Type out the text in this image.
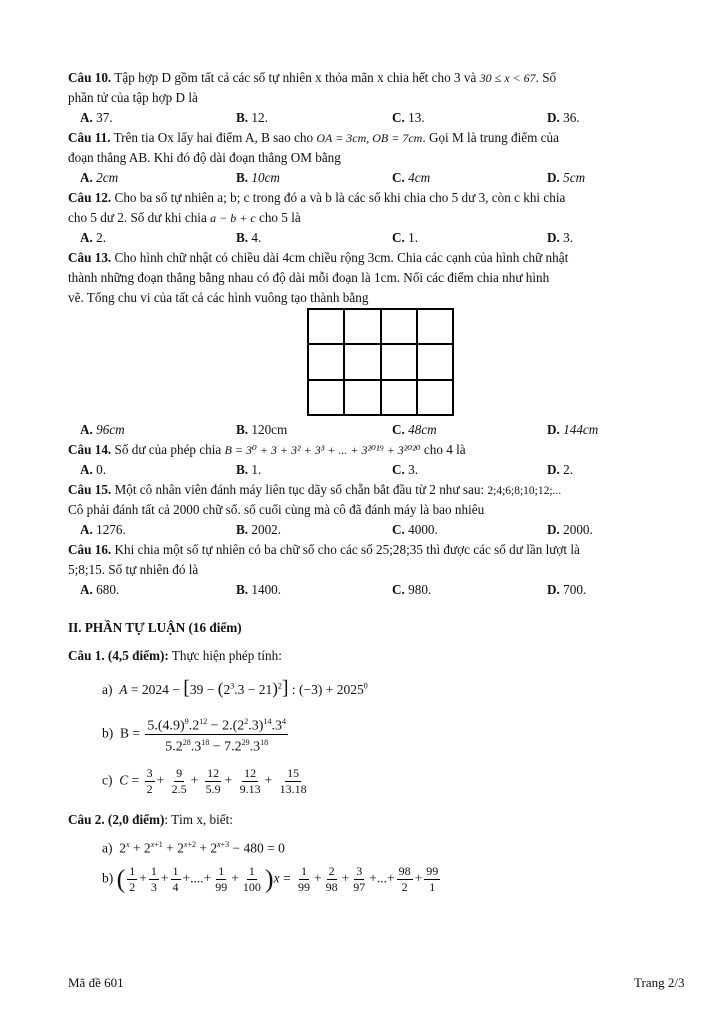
Câu 10. Tập hợp D gồm tất cả các số tự nhiên x thỏa mãn x chia hết cho 3 và 30 ≤ x < 67. Số
phần tử của tập hợp D là
A. 37.	B. 12.	C. 13.	D. 36.
Câu 11. Trên tia Ox lấy hai điểm A, B sao cho OA = 3cm, OB = 7cm. Gọi M là trung điểm của
đoạn thẳng AB. Khi đó độ dài đoạn thẳng OM bằng
A. 2cm	B. 10cm	C. 4cm	D. 5cm
Câu 12. Cho ba số tự nhiên a; b; c trong đó a và b là các số khi chia cho 5 dư 3, còn c khi chia
cho 5 dư 2. Số dư khi chia a − b + c cho 5 là
A. 2.	B. 4.	C. 1.	D. 3.
Câu 13. Cho hình chữ nhật có chiều dài 4cm chiều rộng 3cm. Chia các cạnh của hình chữ nhật
thành những đoạn thẳng bằng nhau có độ dài mỗi đoạn là 1cm. Nối các điểm chia như hình
vẽ. Tổng chu vi của tất cả các hình vuông tạo thành bằng
A. 96cm	B. 120cm	C. 48cm	D. 144cm
Câu 14. Số dư của phép chia B = 3⁰ + 3 + 3² + 3³ + ... + 3²⁰¹⁹ + 3²⁰²⁰ cho 4 là
A. 0.	B. 1.	C. 3.	D. 2.
Câu 15. Một cô nhân viên đánh máy liên tục dãy số chẵn bắt đầu từ 2 như sau: 2;4;6;8;10;12;...
Cô phải đánh tất cả 2000 chữ số. số cuối cùng mà cô đã đánh máy là bao nhiêu
A. 1276.	B. 2002.	C. 4000.	D. 2000.
Câu 16. Khi chia một số tự nhiên có ba chữ số cho các số 25;28;35 thì được các số dư lần lượt là
5;8;15. Số tự nhiên đó là
A. 680.	B. 1400.	C. 980.	D. 700.
II. PHẦN TỰ LUẬN (16 điểm)
Câu 1. (4,5 điểm): Thực hiện phép tính:
a) $A = 2024 - [39 - (2^3.3 - 21)^2]$ : $(-3) + 2025^0$
b)  $B = \frac{5.(4.9)^9.2^{12} - 2.(2^2.3)^{14}.3^4}{5.2^{28}.3^{18} - 7.2^{29}.3^{18}}$
c) $C = \frac{3}{2} + \frac{9}{2.5} + \frac{12}{5.9} + \frac{12}{9.13} + \frac{15}{13.18}$
Câu 2. (2,0 điểm): Tìm x, biết:
a)  $2^x + 2^{x+1} + 2^{x+2} + 2^{x+3} - 480 = 0$
b) ( $\frac{1}{2} + \frac{1}{3} + \frac{1}{4}$ +....+ $\frac{1}{99} + \frac{1}{100} )x = \frac{1}{99} + \frac{2}{98} + \frac{3}{97}$ +...+ $\frac{98}{2} + \frac{99}{1}$
Mã đề 601	Trang 2/3
